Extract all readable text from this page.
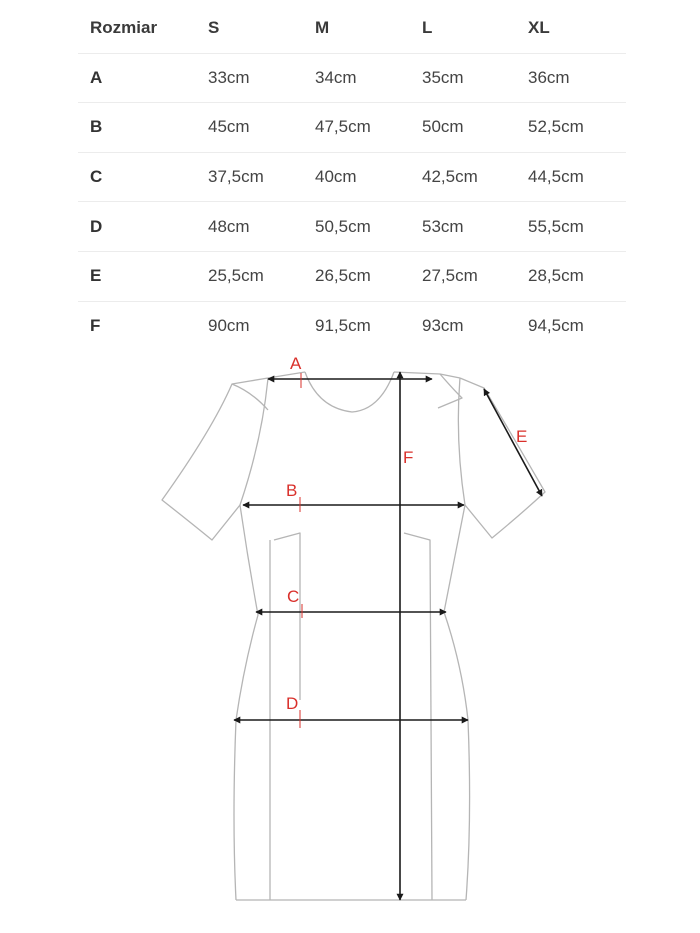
Rozmiar	S	M	L	XL
A	33cm	34cm	35cm	36cm
B	45cm	47,5cm	50cm	52,5cm
C	37,5cm	40cm	42,5cm	44,5cm
D	48cm	50,5cm	53cm	55,5cm
E	25,5cm	26,5cm	27,5cm	28,5cm
F	90cm	91,5cm	93cm	94,5cm
A
B
C
D
E
F
